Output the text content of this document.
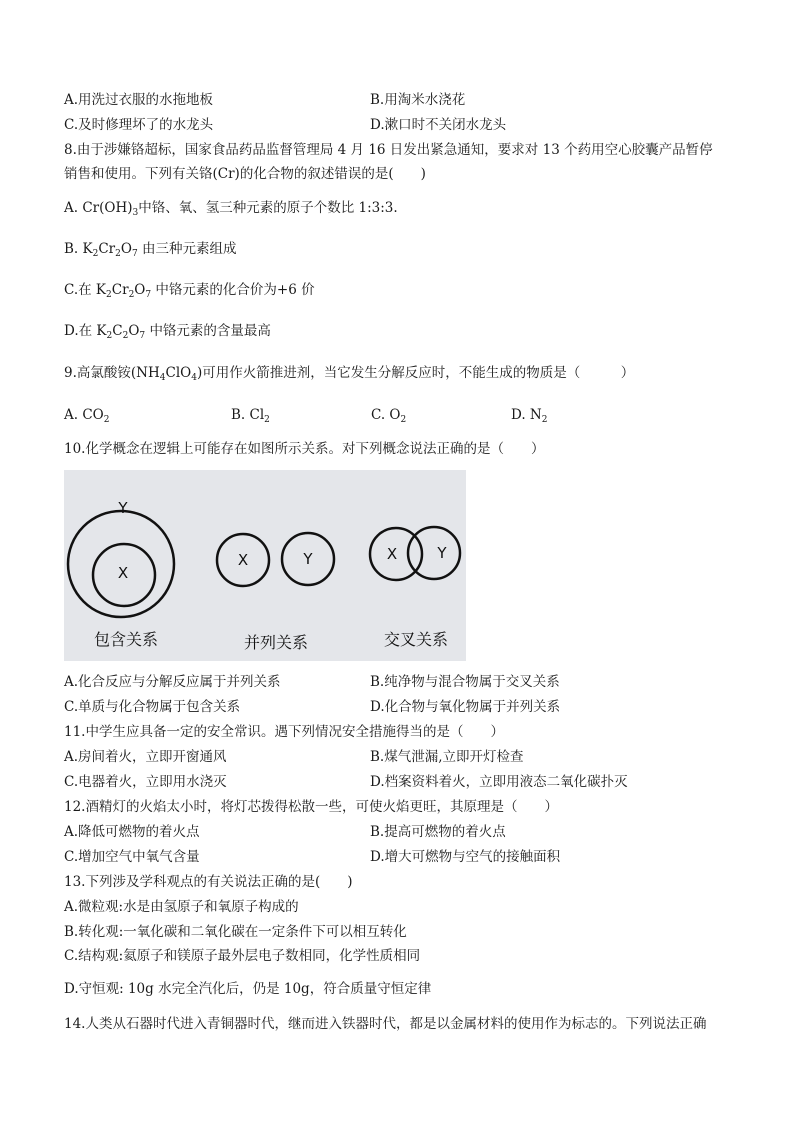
A.用洗过衣服的水拖地板	B.用淘米水浇花
C.及时修理坏了的水龙头	D.漱口时不关闭水龙头
8.由于涉嫌铬超标，国家食品药品监督管理局 4 月 16 日发出紧急通知，要求对 13 个药用空心胶囊产品暂停
销售和使用。下列有关铬(Cr)的化合物的叙述错误的是(　　)
A. $Cr(OH)_3$中铬、氧、氢三种元素的原子个数比 1:3:3.
B. $K_2Cr_2O_7$ 由三种元素组成
C.在 $K_2Cr_2O_7$ 中铬元素的化合价为+6 价
D.在 $K_2C_2O_7$ 中铬元素的含量最高
9.高氯酸铵$(NH_4ClO_4)$可用作火箭推进剂，当它发生分解反应时，不能生成的物质是（　　　）
A. $CO_2$	B. $Cl_2$	C. $O_2$	D. $N_2$
10.化学概念在逻辑上可能存在如图所示关系。对下列概念说法正确的是（　　）
Y
X
包含关系
X	Y
并列关系
X	Y
交叉关系
A.化合反应与分解反应属于并列关系	B.纯净物与混合物属于交叉关系
C.单质与化合物属于包含关系	D.化合物与氧化物属于并列关系
11.中学生应具备一定的安全常识。遇下列情况安全措施得当的是（　　）
A.房间着火，立即开窗通风	B.煤气泄漏,立即开灯检查
C.电器着火，立即用水浇灭	D.档案资料着火，立即用液态二氧化碳扑灭
12.酒精灯的火焰太小时，将灯芯拨得松散一些，可使火焰更旺，其原理是（　　）
A.降低可燃物的着火点	B.提高可燃物的着火点
C.增加空气中氧气含量	D.增大可燃物与空气的接触面积
13.下列涉及学科观点的有关说法正确的是(　　)
A.微粒观:水是由氢原子和氧原子构成的
B.转化观:一氧化碳和二氧化碳在一定条件下可以相互转化
C.结构观:氦原子和镁原子最外层电子数相同，化学性质相同
D.守恒观: 10g 水完全汽化后，仍是 10g，符合质量守恒定律
14.人类从石器时代进入青铜器时代，继而进入铁器时代，都是以金属材料的使用作为标志的。下列说法正确
